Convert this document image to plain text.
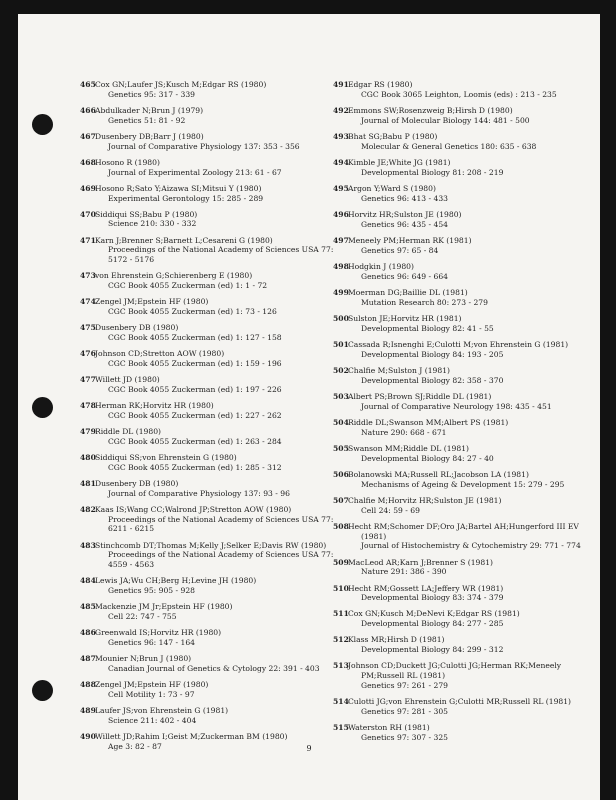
465 Cox GN;Laufer JS;Kusch M;Edgar RS (1980)
Genetics 95: 317 - 339
466 Abdulkader N;Brun J (1979)
Genetics 51: 81 - 92
467 Dusenbery DB;Barr J (1980)
Journal of Comparative Physiology 137: 353 - 356
468 Hosono R (1980)
Journal of Experimental Zoology 213: 61 - 67
469 Hosono R;Sato Y;Aizawa SI;Mitsui Y (1980)
Experimental Gerontology 15: 285 - 289
470 Siddiqui SS;Babu P (1980)
Science 210: 330 - 332
471 Karn J;Brenner S;Barnett L;Cesareni G (1980)
Proceedings of the National Academy of Sciences USA 77:
5172 - 5176
473 von Ehrenstein G;Schierenberg E (1980)
CGC Book 4055 Zuckerman (ed) 1: 1 - 72
474 Zengel JM;Epstein HF (1980)
CGC Book 4055 Zuckerman (ed) 1: 73 - 126
475 Dusenbery DB (1980)
CGC Book 4055 Zuckerman (ed) 1: 127 - 158
476 Johnson CD;Stretton AOW (1980)
CGC Book 4055 Zuckerman (ed) 1: 159 - 196
477 Willett JD (1980)
CGC Book 4055 Zuckerman (ed) 1: 197 - 226
478 Herman RK;Horvitz HR (1980)
CGC Book 4055 Zuckerman (ed) 1: 227 - 262
479 Riddle DL (1980)
CGC Book 4055 Zuckerman (ed) 1: 263 - 284
480 Siddiqui SS;von Ehrenstein G (1980)
CGC Book 4055 Zuckerman (ed) 1: 285 - 312
481 Dusenbery DB (1980)
Journal of Comparative Physiology 137: 93 - 96
482 Kaas IS;Wang CC;Walrond JP;Stretton AOW (1980)
Proceedings of the National Academy of Sciences USA 77:
6211 - 6215
483 Stinchcomb DT;Thomas M;Kelly J;Selker E;Davis RW (1980)
Proceedings of the National Academy of Sciences USA 77:
4559 - 4563
484 Lewis JA;Wu CH;Berg H;Levine JH (1980)
Genetics 95: 905 - 928
485 Mackenzie JM Jr;Epstein HF (1980)
Cell 22: 747 - 755
486 Greenwald IS;Horvitz HR (1980)
Genetics 96: 147 - 164
487 Mounier N;Brun J (1980)
Canadian Journal of Genetics & Cytology 22: 391 - 403
488 Zengel JM;Epstein HF (1980)
Cell Motility 1: 73 - 97
489 Laufer JS;von Ehrenstein G (1981)
Science 211: 402 - 404
490 Willett JD;Rahim I;Geist M;Zuckerman BM (1980)
Age 3: 82 - 87
491 Edgar RS (1980)
CGC Book 3065 Leighton, Loomis (eds) : 213 - 235
492 Emmons SW;Rosenzweig B;Hirsh D (1980)
Journal of Molecular Biology 144: 481 - 500
493 Bhat SG;Babu P (1980)
Molecular & General Genetics 180: 635 - 638
494 Kimble JE;White JG (1981)
Developmental Biology 81: 208 - 219
495 Argon Y;Ward S (1980)
Genetics 96: 413 - 433
496 Horvitz HR;Sulston JE (1980)
Genetics 96: 435 - 454
497 Meneely PM;Herman RK (1981)
Genetics 97: 65 - 84
498 Hodgkin J (1980)
Genetics 96: 649 - 664
499 Moerman DG;Baillie DL (1981)
Mutation Research 80: 273 - 279
500 Sulston JE;Horvitz HR (1981)
Developmental Biology 82: 41 - 55
501 Cassada R;Isnenghi E;Culotti M;von Ehrenstein G (1981)
Developmental Biology 84: 193 - 205
502 Chalfie M;Sulston J (1981)
Developmental Biology 82: 358 - 370
503 Albert PS;Brown SJ;Riddle DL (1981)
Journal of Comparative Neurology 198: 435 - 451
504 Riddle DL;Swanson MM;Albert PS (1981)
Nature 290: 668 - 671
505 Swanson MM;Riddle DL (1981)
Developmental Biology 84: 27 - 40
506 Bolanowski MA;Russell RL;Jacobson LA (1981)
Mechanisms of Ageing & Development 15: 279 - 295
507 Chalfie M;Horvitz HR;Sulston JE (1981)
Cell 24: 59 - 69
508 Hecht RM;Schomer DF;Oro JA;Bartel AH;Hungerford III EV
(1981)
Journal of Histochemistry & Cytochemistry 29: 771 - 774
509 MacLeod AR;Karn J;Brenner S (1981)
Nature 291: 386 - 390
510 Hecht RM;Gossett LA;Jeffery WR (1981)
Developmental Biology 83: 374 - 379
511 Cox GN;Kusch M;DeNevi K;Edgar RS (1981)
Developmental Biology 84: 277 - 285
512 Klass MR;Hirsh D (1981)
Developmental Biology 84: 299 - 312
513 Johnson CD;Duckett JG;Culotti JG;Herman RK;Meneely
PM;Russell RL (1981)
Genetics 97: 261 - 279
514 Culotti JG;von Ehrenstein G;Culotti MR;Russell RL (1981)
Genetics 97: 281 - 305
515 Waterston RH (1981)
Genetics 97: 307 - 325
9
